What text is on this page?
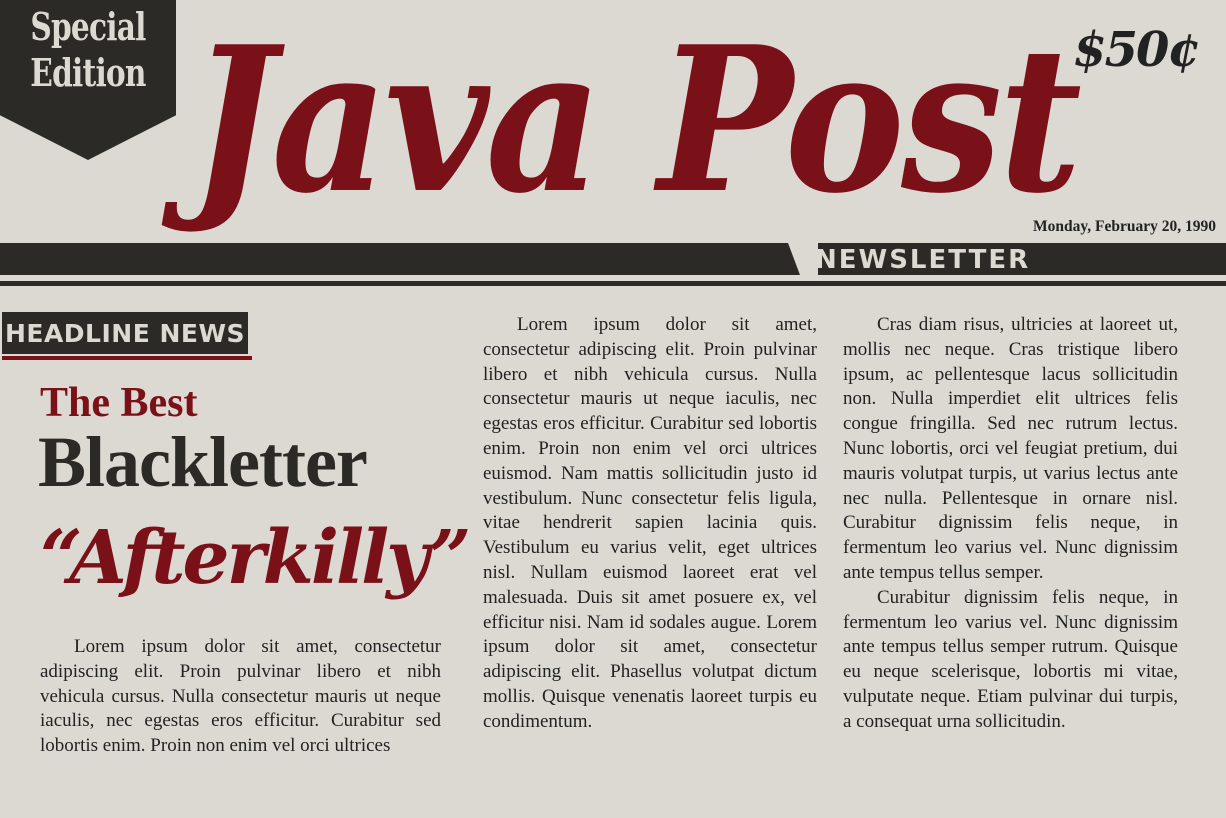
Special
Edition
NEWSLETTER
Java Post
$50¢
Monday, February 20, 1990
HEADLINE NEWS
The Best
Blackletter
“Afterkilly”

Lorem ipsum dolor sit amet, consectetur adipiscing elit. Proin pulvinar libero et nibh vehicula cursus. Nulla consectetur mauris ut neque iaculis, nec egestas eros efficitur. Curabitur sed lobortis enim. Proin non enim vel orci ultrices

Lorem ipsum dolor sit amet, consectetur adipiscing elit. Proin pulvinar libero et nibh vehicula cursus. Nulla consectetur mauris ut neque iaculis, nec egestas eros efficitur. Curabitur sed lobortis enim. Proin non enim vel orci ultrices euismod. Nam mattis sollicitudin justo id vestibulum. Nunc consectetur felis ligula, vitae hendrerit sapien lacinia quis. Vestibulum eu varius velit, eget ultrices nisl. Nullam euismod laoreet erat vel malesuada. Duis sit amet posuere ex, vel efficitur nisi. Nam id sodales augue. Lorem ipsum dolor sit amet, consectetur adipiscing elit. Phasellus volutpat dictum mollis. Quisque venenatis laoreet turpis eu condimentum.

Cras diam risus, ultricies at laoreet ut, mollis nec neque. Cras tristique libero ipsum, ac pellentesque lacus sollicitudin non. Nulla imperdiet elit ultrices felis congue fringilla. Sed nec rutrum lectus. Nunc lobortis, orci vel feugiat pretium, dui mauris volutpat turpis, ut varius lectus ante nec nulla. Pellentesque in ornare nisl. Curabitur dignissim felis neque, in fermentum leo varius vel. Nunc dignissim ante tempus tellus semper.

Curabitur dignissim felis neque, in fermentum leo varius vel. Nunc dignissim ante tempus tellus semper rutrum. Quisque eu neque scelerisque, lobortis mi vitae, vulputate neque. Etiam pulvinar dui turpis, a consequat urna sollicitudin.
